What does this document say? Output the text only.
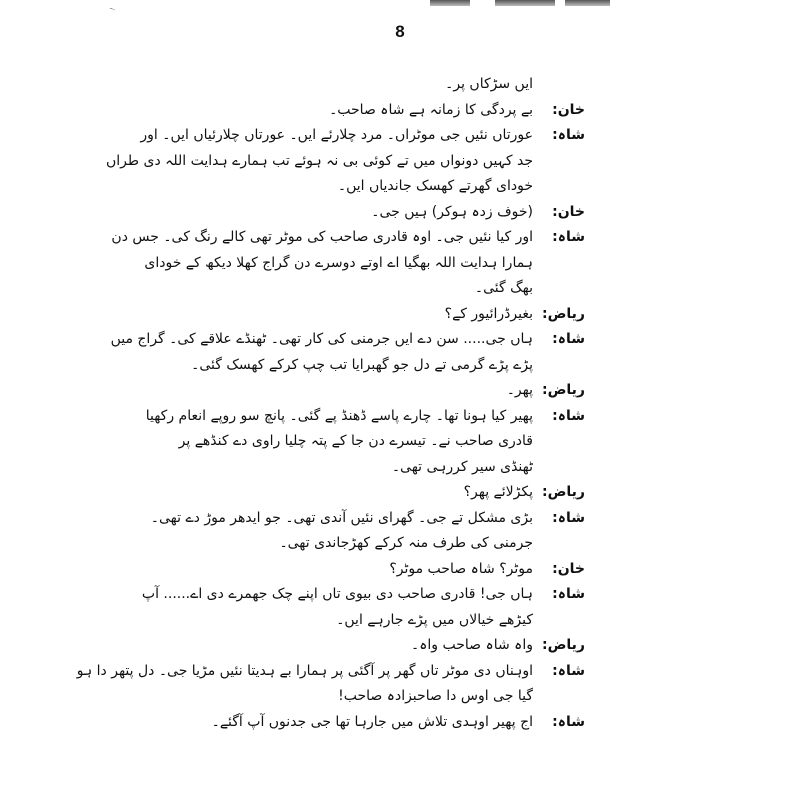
ـ ِ
8
ایں سڑکاں پر۔
خان:
بے پردگی کا زمانہ ہے شاہ صاحب۔
شاہ:
عورتاں نئیں جی موٹراں۔ مرد چلارئے ایں۔ عورتاں چلارئیاں ایں۔ اور
جد کہیں دونواں میں تے کوئی بی نہ ہوئے تب ہمارے ہدایت اللہ دی طراں
خودای گھرتے کھسک جاندیاں ایں۔
خان:
(خوف زدہ ہوکر) ہیں جی۔
شاہ:
اور کیا نئیں جی۔ اوہ قادری صاحب کی موٹر تھی کالے رنگ کی۔ جس دن
ہمارا ہدایت اللہ بھگیا اے اوتے دوسرے دن گراج کھلا دیکھ کے خودای
بھگ گئی۔
ریاض:
بغیرڈرائیور کے؟
شاہ:
ہاں جی..... سن دے ایں جرمنی کی کار تھی۔ ٹھنڈے علاقے کی۔ گراج میں
پڑے پڑے گرمی تے دل جو گھبرایا تب چپ کرکے کھسک گئی۔
ریاض:
پھر۔
شاہ:
پھیر کیا ہونا تھا۔ چارے پاسے ڈھنڈ پے گئی۔ پانچ سو روپے انعام رکھیا
قادری صاحب نے۔ تیسرے دن جا کے پتہ چلیا راوی دے کنڈھے پر
ٹھنڈی سیر کررہی تھی۔
ریاض:
پکڑلائے پھر؟
شاہ:
بڑی مشکل تے جی۔ گھرای نئیں آندی تھی۔ جو ایدھر موڑ دے تھی۔
جرمنی کی طرف منہ کرکے کھڑجاندی تھی۔
خان:
موٹر؟ شاہ صاحب موٹر؟
شاہ:
ہاں جی! قادری صاحب دی بیوی تاں اپنے چک جھمرے دی اے...... آپ
کیڑھے خیالاں میں پڑے جارہے ایں۔
ریاض:
واہ شاہ صاحب واہ۔
شاہ:
اوہناں دی موٹر تاں گھر پر آگئی پر ہمارا بے ہدیتا نئیں مڑیا جی۔ دل پتھر دا ہو
گیا جی اوس دا صاحبزادہ صاحب!
شاہ:
اج پھیر اوہدی تلاش میں جارہا تھا جی جدنوں آپ آگئے۔
